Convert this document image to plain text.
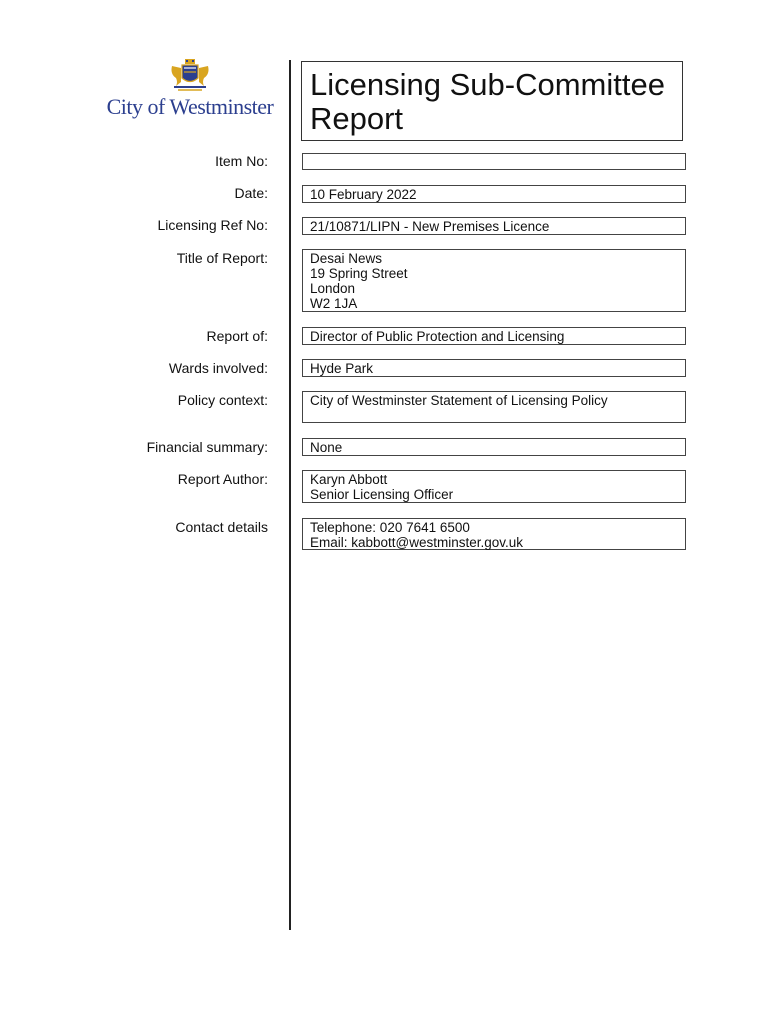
City of Westminster
Licensing Sub-Committee Report
Item No:
Date:	10 February 2022
Licensing Ref No:	21/10871/LIPN - New Premises Licence
Title of Report:	Desai News
19 Spring Street
London
W2 1JA
Report of:	Director of Public Protection and Licensing
Wards involved:	Hyde Park
Policy context:	City of Westminster Statement of Licensing Policy
Financial summary:	None
Report Author:	Karyn Abbott
Senior Licensing Officer
Contact details	Telephone: 020 7641 6500
Email: kabbott@westminster.gov.uk
